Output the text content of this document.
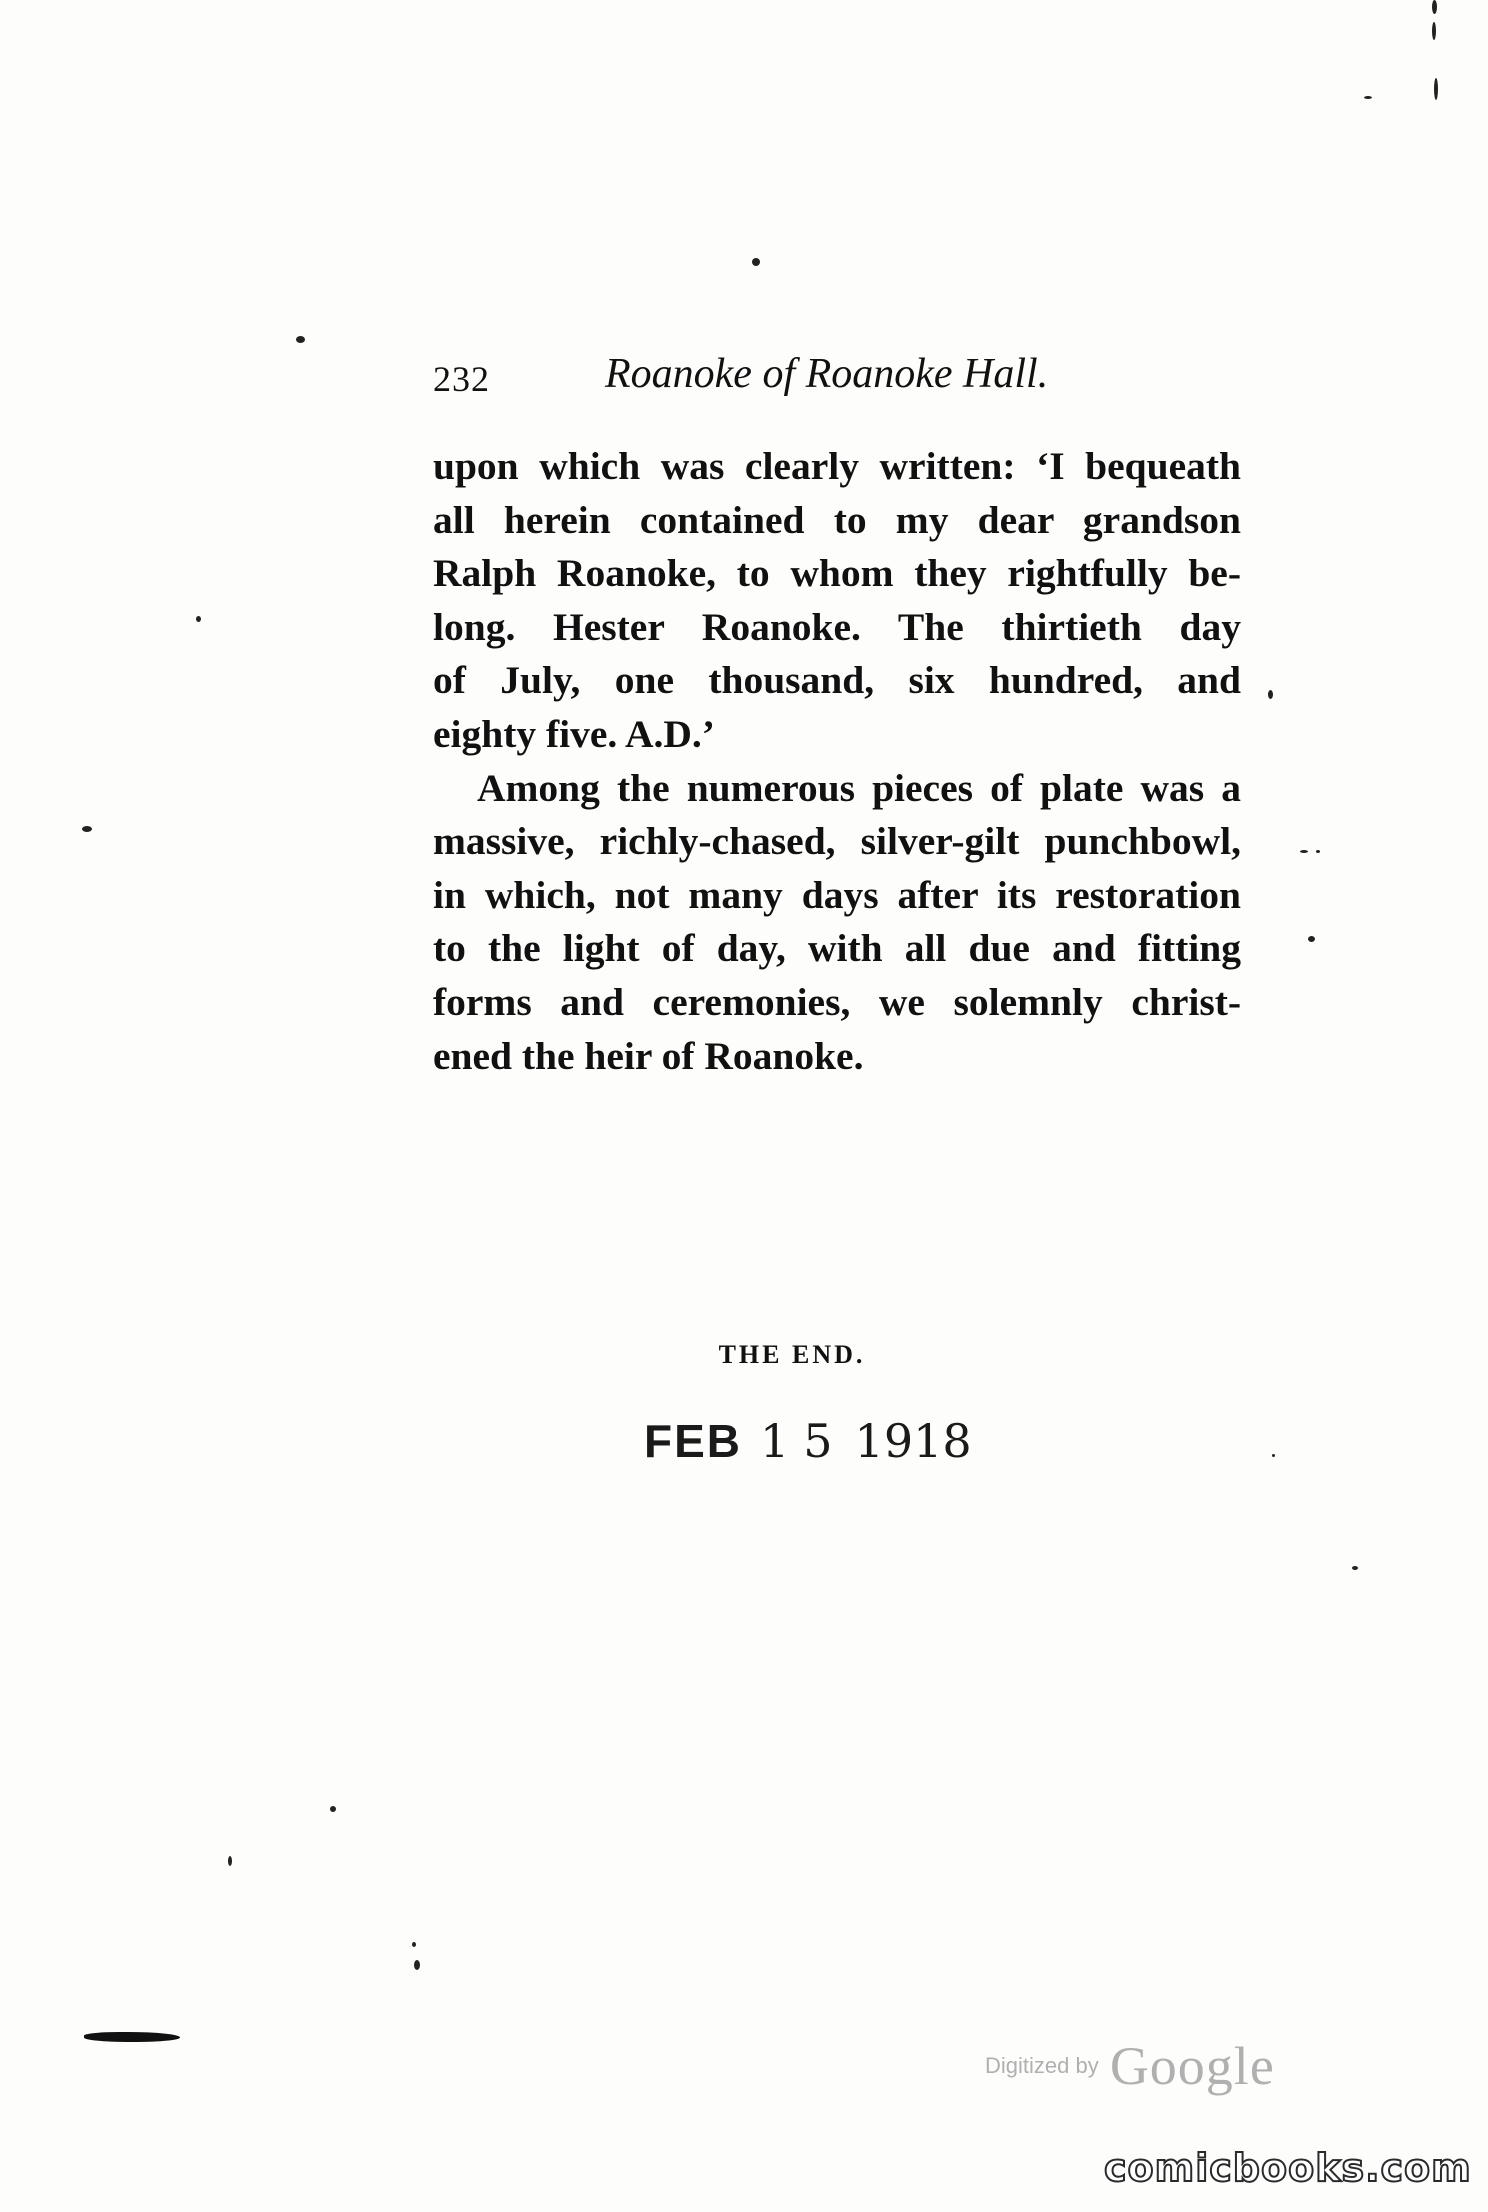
232	Roanoke of Roanoke Hall.
upon which was clearly written: ‘I bequeath
all herein contained to my dear grandson
Ralph Roanoke, to whom they rightfully be-
long. Hester Roanoke. The thirtieth day
of July, one thousand, six hundred, and
eighty five. A.D.’
Among the numerous pieces of plate was a
massive, richly-chased, silver-gilt punchbowl,
in which, not many days after its restoration
to the light of day, with all due and fitting
forms and ceremonies, we solemnly christ-
ened the heir of Roanoke.
THE END.
FEB 15 1918
Digitized by Google
comicbooks.com
